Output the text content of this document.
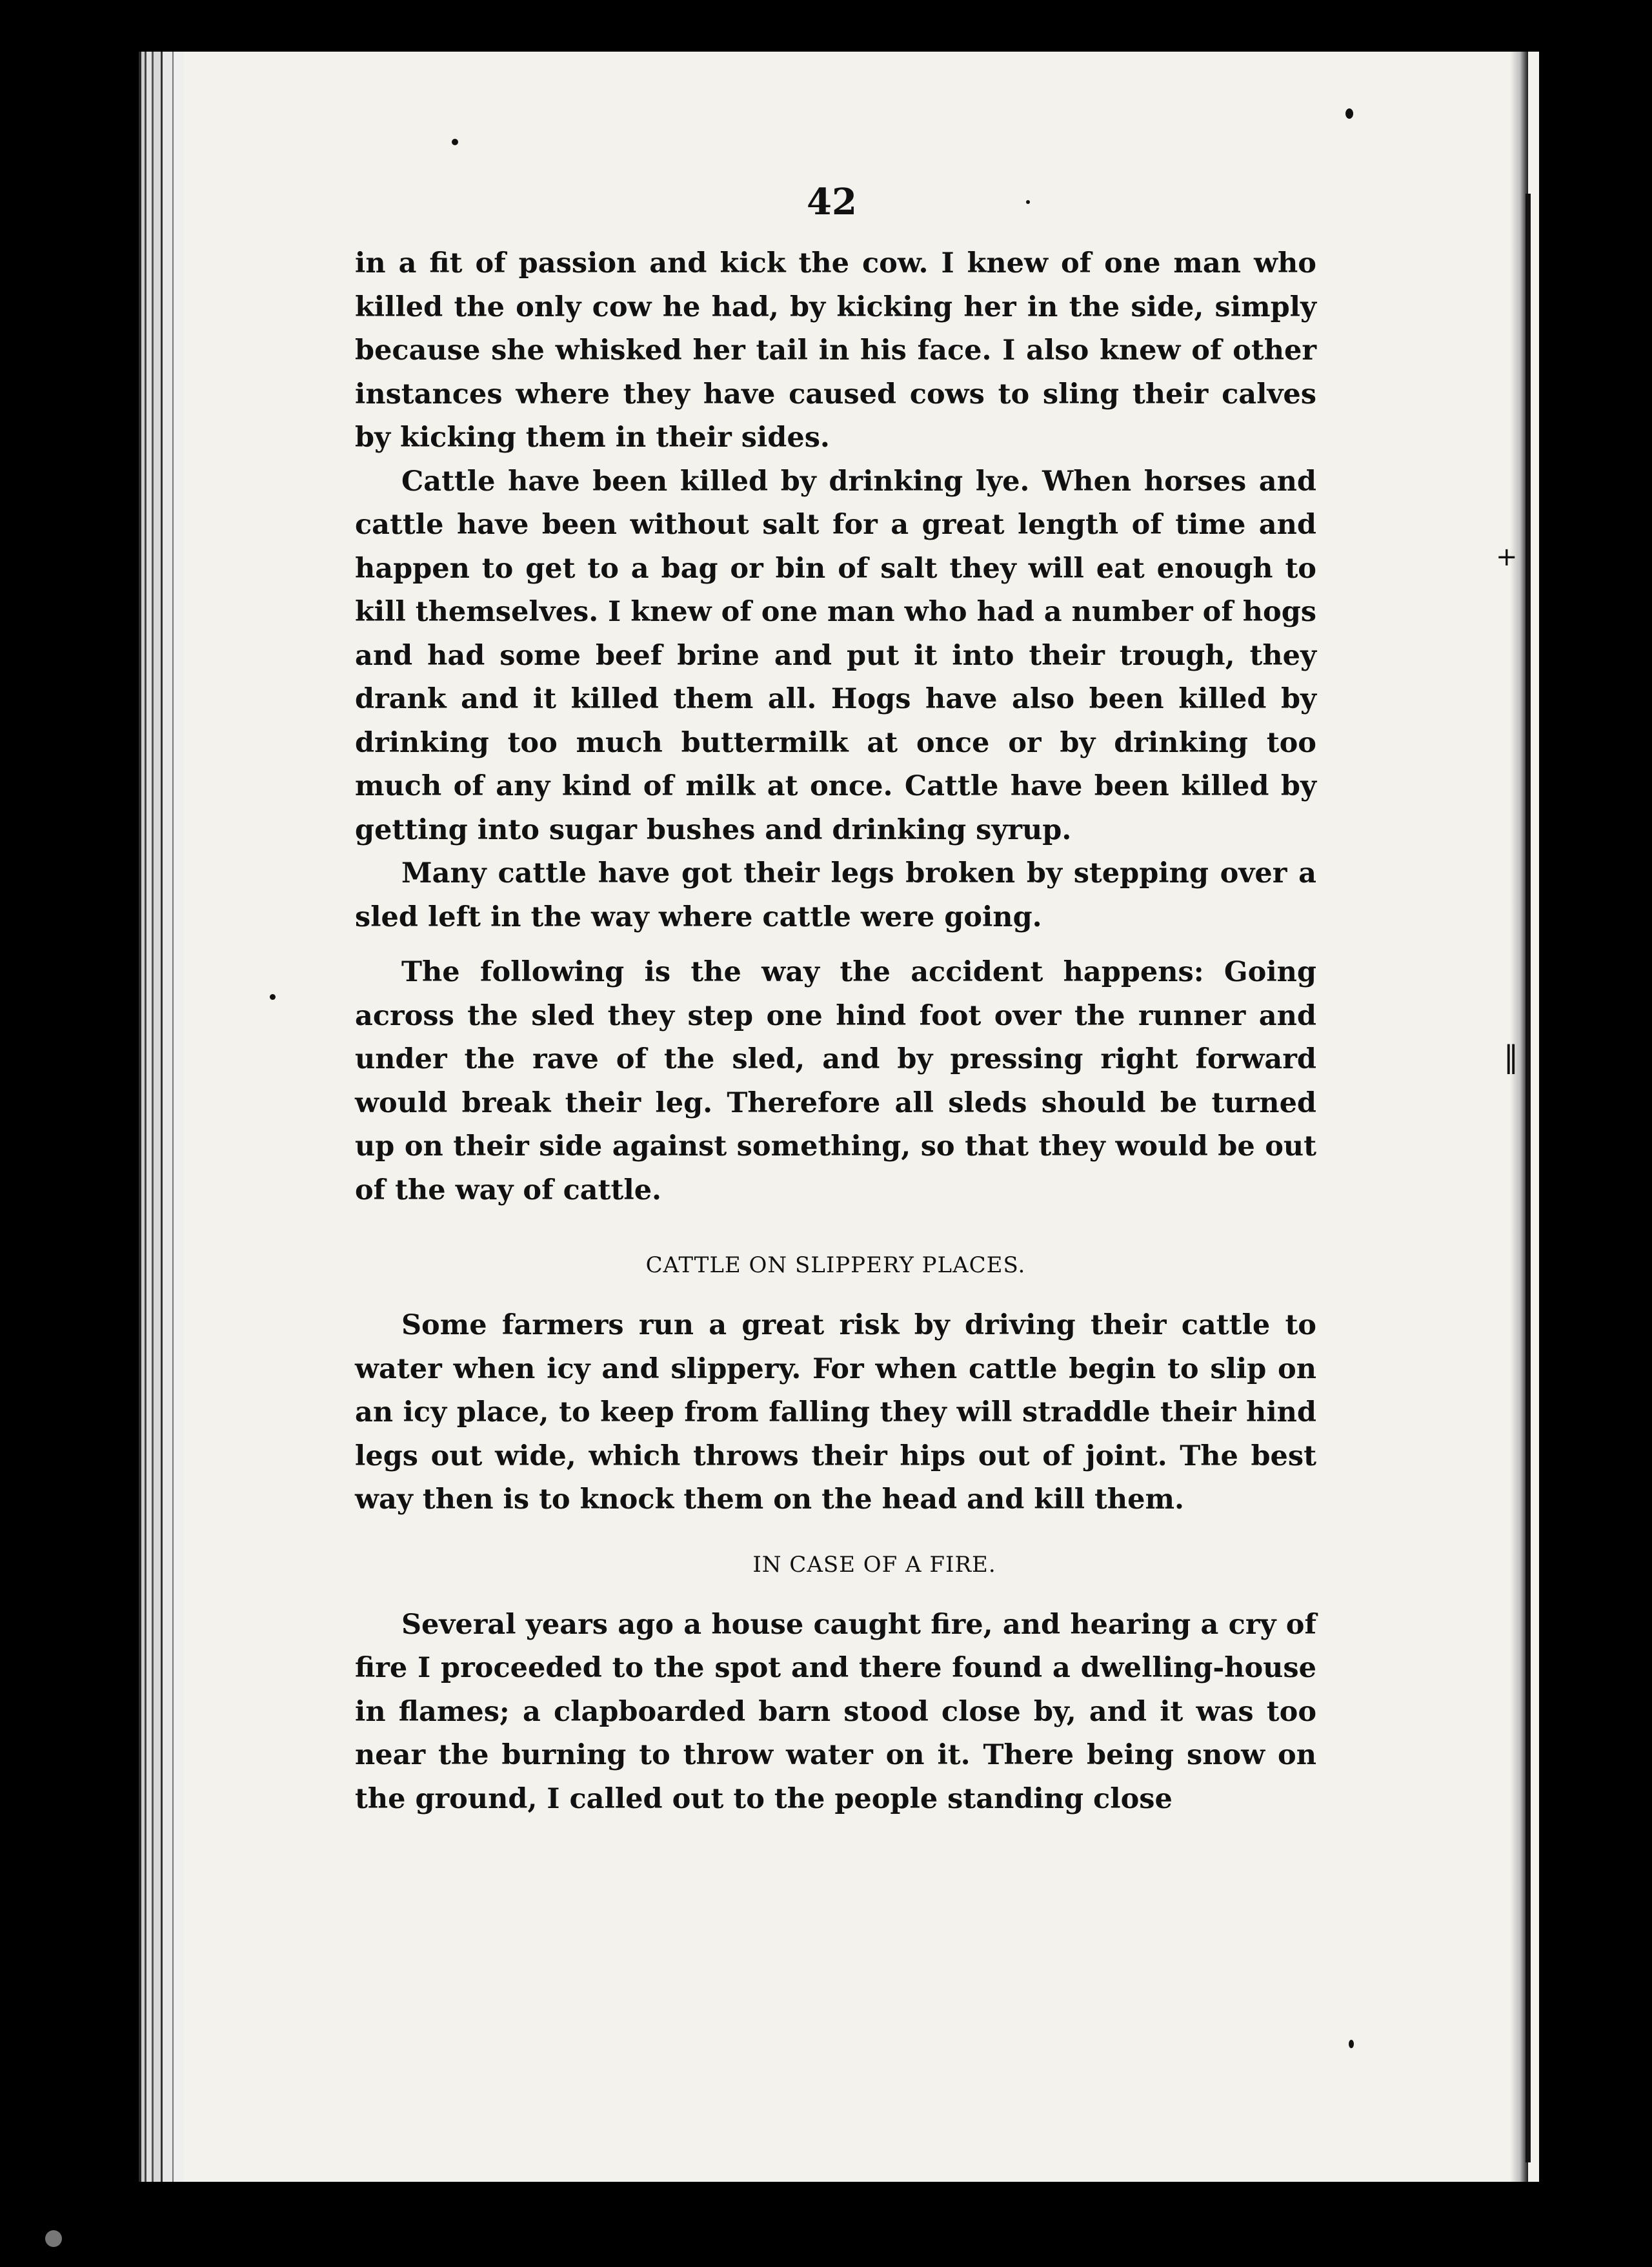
+
‖

42

in a fit of passion and kick the cow. I knew of one man who killed the only cow he had, by kicking her in the side, simply because she whisked her tail in his face. I also knew of other instances where they have caused cows to sling their calves by kicking them in their sides.

Cattle have been killed by drinking lye. When horses and cattle have been without salt for a great length of time and happen to get to a bag or bin of salt they will eat enough to kill themselves. I knew of one man who had a number of hogs and had some beef brine and put it into their trough, they drank and it killed them all. Hogs have also been killed by drinking too much buttermilk at once or by drinking too much of any kind of milk at once. Cattle have been killed by getting into sugar bushes and drinking syrup.

Many cattle have got their legs broken by stepping over a sled left in the way where cattle were going.

The following is the way the accident happens: Going across the sled they step one hind foot over the runner and under the rave of the sled, and by pressing right forward would break their leg. Therefore all sleds should be turned up on their side against something, so that they would be out of the way of cattle.

CATTLE ON SLIPPERY PLACES.

Some farmers run a great risk by driving their cattle to water when icy and slippery. For when cattle begin to slip on an icy place, to keep from falling they will straddle their hind legs out wide, which throws their hips out of joint. The best way then is to knock them on the head and kill them.

IN CASE OF A FIRE.

Several years ago a house caught fire, and hearing a cry of fire I proceeded to the spot and there found a dwelling-house in flames; a clapboarded barn stood close by, and it was too near the burning to throw water on it. There being snow on the ground, I called out to the people standing close
